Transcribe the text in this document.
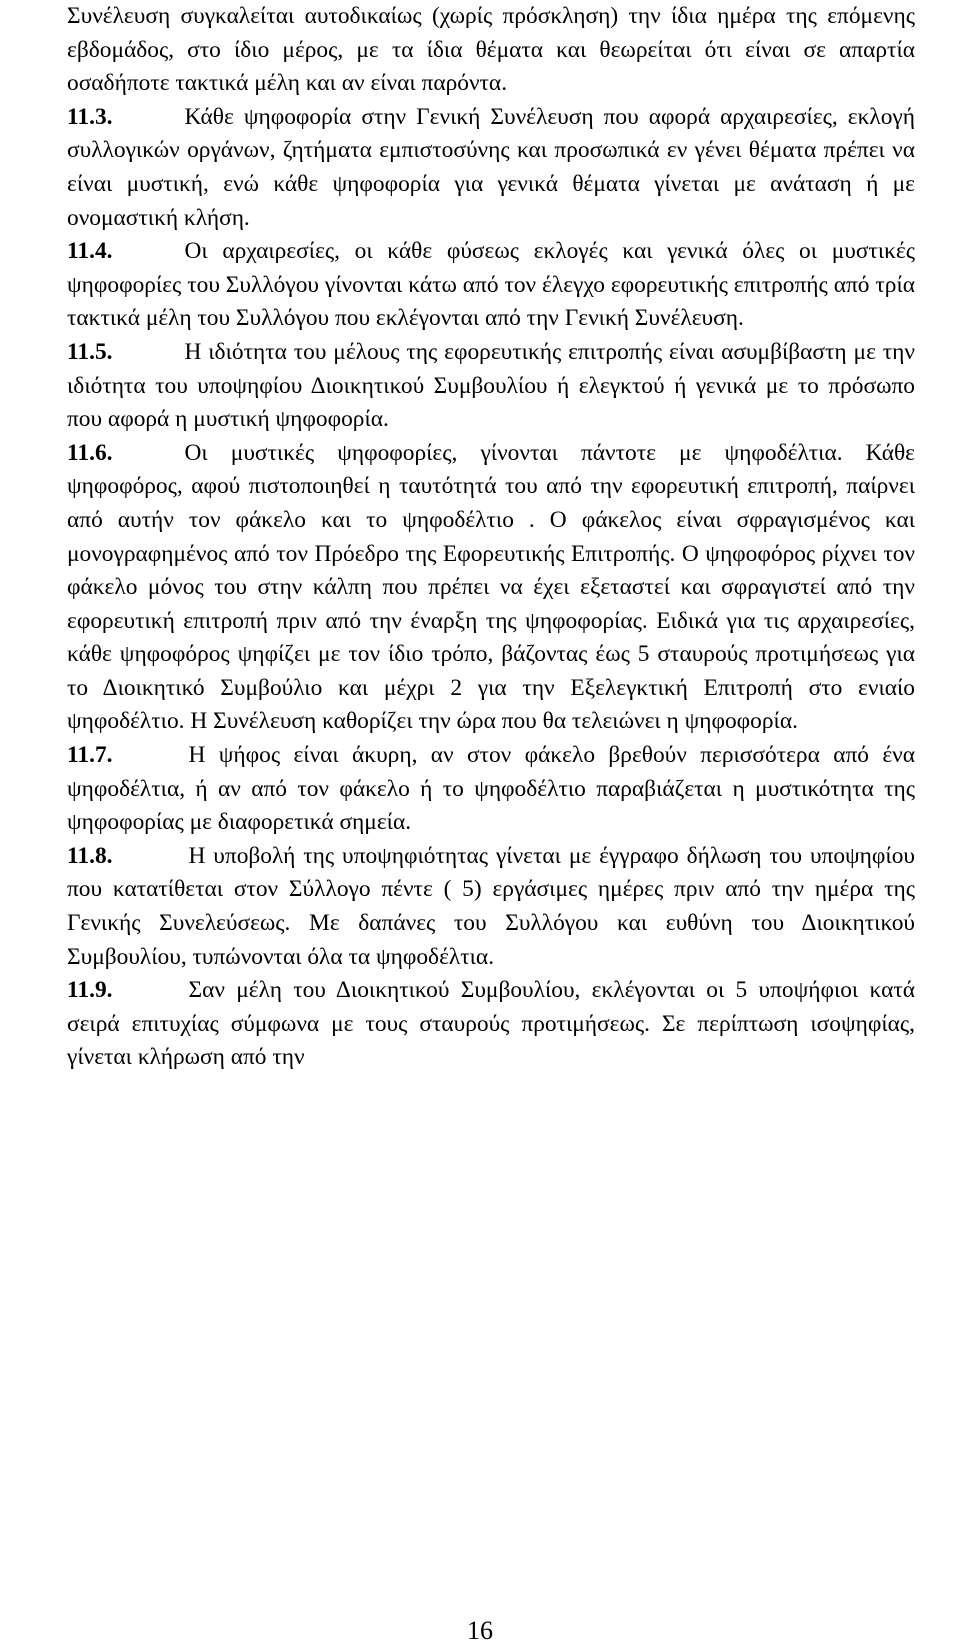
Συνέλευση συγκαλείται αυτοδικαίως (χωρίς πρόσκληση) την ίδια ημέρα της επόμενης εβδομάδος, στο ίδιο μέρος, με τα ίδια θέματα και θεωρείται ότι είναι σε απαρτία οσαδήποτε τακτικά μέλη και αν είναι παρόντα.

11.3.	Κάθε ψηφοφορία στην Γενική Συνέλευση που αφορά αρχαιρεσίες, εκλογή συλλογικών οργάνων, ζητήματα εμπιστοσύνης και προσωπικά εν γένει θέματα πρέπει να είναι μυστική, ενώ κάθε ψηφοφορία για γενικά θέματα γίνεται με ανάταση ή με ονομαστική κλήση.

11.4.	Οι αρχαιρεσίες, οι κάθε φύσεως εκλογές και γενικά όλες οι μυστικές ψηφοφορίες του Συλλόγου γίνονται κάτω από τον έλεγχο εφορευτικής επιτροπής από τρία τακτικά μέλη του Συλλόγου που εκλέγονται από την Γενική Συνέλευση.

11.5.	Η ιδιότητα του μέλους της εφορευτικής επιτροπής είναι ασυμβίβαστη με την ιδιότητα του υποψηφίου Διοικητικού Συμβουλίου ή ελεγκτού ή γενικά με το πρόσωπο που αφορά η μυστική ψηφοφορία.

11.6.	Οι μυστικές ψηφοφορίες, γίνονται πάντοτε με ψηφοδέλτια. Κάθε ψηφοφόρος, αφού πιστοποιηθεί η ταυτότητά του από την εφορευτική επιτροπή, παίρνει από αυτήν τον φάκελο και το ψηφοδέλτιο . Ο φάκελος είναι σφραγισμένος και μονογραφημένος από τον Πρόεδρο της Εφορευτικής Επιτροπής. Ο ψηφοφόρος ρίχνει τον φάκελο μόνος του στην κάλπη που πρέπει να έχει εξεταστεί και σφραγιστεί από την εφορευτική επιτροπή πριν από την έναρξη της ψηφοφορίας. Ειδικά για τις αρχαιρεσίες, κάθε ψηφοφόρος ψηφίζει με τον ίδιο τρόπο, βάζοντας έως 5 σταυρούς προτιμήσεως για το Διοικητικό Συμβούλιο και μέχρι 2 για την Εξελεγκτική Επιτροπή στο ενιαίο ψηφοδέλτιο. Η Συνέλευση καθορίζει την ώρα που θα τελειώνει η ψηφοφορία.

11.7.	Η ψήφος είναι άκυρη, αν στον φάκελο βρεθούν περισσότερα από ένα ψηφοδέλτια, ή αν από τον φάκελο ή το ψηφοδέλτιο παραβιάζεται η μυστικότητα της ψηφοφορίας με διαφορετικά σημεία.

11.8.	Η υποβολή της υποψηφιότητας γίνεται με έγγραφο δήλωση του υποψηφίου που κατατίθεται στον Σύλλογο πέντε ( 5) εργάσιμες ημέρες πριν από την ημέρα της Γενικής Συνελεύσεως. Με δαπάνες του Συλλόγου και ευθύνη του Διοικητικού Συμβουλίου, τυπώνονται όλα τα ψηφοδέλτια.

11.9.	Σαν μέλη του Διοικητικού Συμβουλίου, εκλέγονται οι 5 υποψήφιοι κατά σειρά επιτυχίας σύμφωνα με τους σταυρούς προτιμήσεως. Σε περίπτωση ισοψηφίας, γίνεται κλήρωση από την

16
